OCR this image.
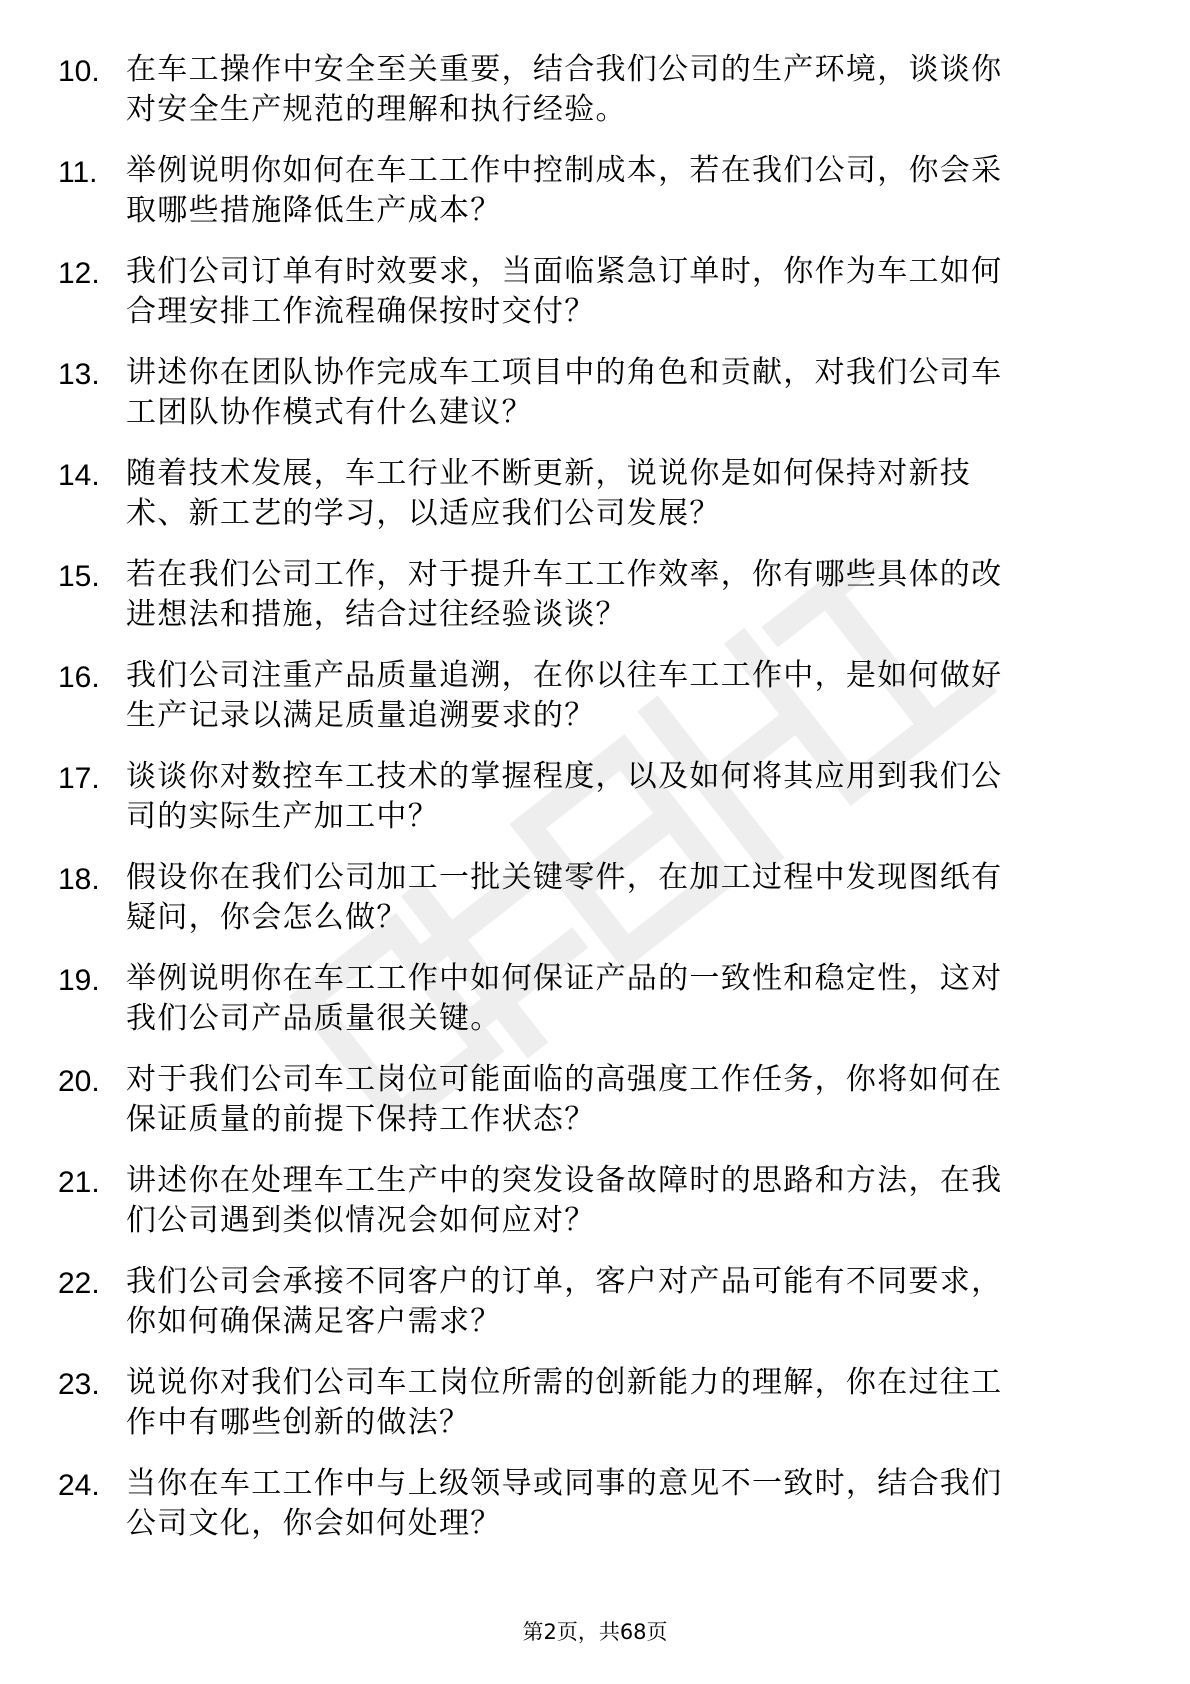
10. 在车工操作中安全至关重要，结合我们公司的生产环境，谈谈你
对安全生产规范的理解和执行经验。

11. 举例说明你如何在车工工作中控制成本，若在我们公司，你会采
取哪些措施降低生产成本？

12. 我们公司订单有时效要求，当面临紧急订单时，你作为车工如何
合理安排工作流程确保按时交付？

13. 讲述你在团队协作完成车工项目中的角色和贡献，对我们公司车
工团队协作模式有什么建议？

14. 随着技术发展，车工行业不断更新，说说你是如何保持对新技
术、新工艺的学习，以适应我们公司发展？

15. 若在我们公司工作，对于提升车工工作效率，你有哪些具体的改
进想法和措施，结合过往经验谈谈？

16. 我们公司注重产品质量追溯，在你以往车工工作中，是如何做好
生产记录以满足质量追溯要求的？

17. 谈谈你对数控车工技术的掌握程度，以及如何将其应用到我们公
司的实际生产加工中？

18. 假设你在我们公司加工一批关键零件，在加工过程中发现图纸有
疑问，你会怎么做？

19. 举例说明你在车工工作中如何保证产品的一致性和稳定性，这对
我们公司产品质量很关键。

20. 对于我们公司车工岗位可能面临的高强度工作任务，你将如何在
保证质量的前提下保持工作状态？

21. 讲述你在处理车工生产中的突发设备故障时的思路和方法，在我
们公司遇到类似情况会如何应对？

22. 我们公司会承接不同客户的订单，客户对产品可能有不同要求，
你如何确保满足客户需求？

23. 说说你对我们公司车工岗位所需的创新能力的理解，你在过往工
作中有哪些创新的做法？

24. 当你在车工工作中与上级领导或同事的意见不一致时，结合我们
公司文化，你会如何处理？

第2页，共68页
